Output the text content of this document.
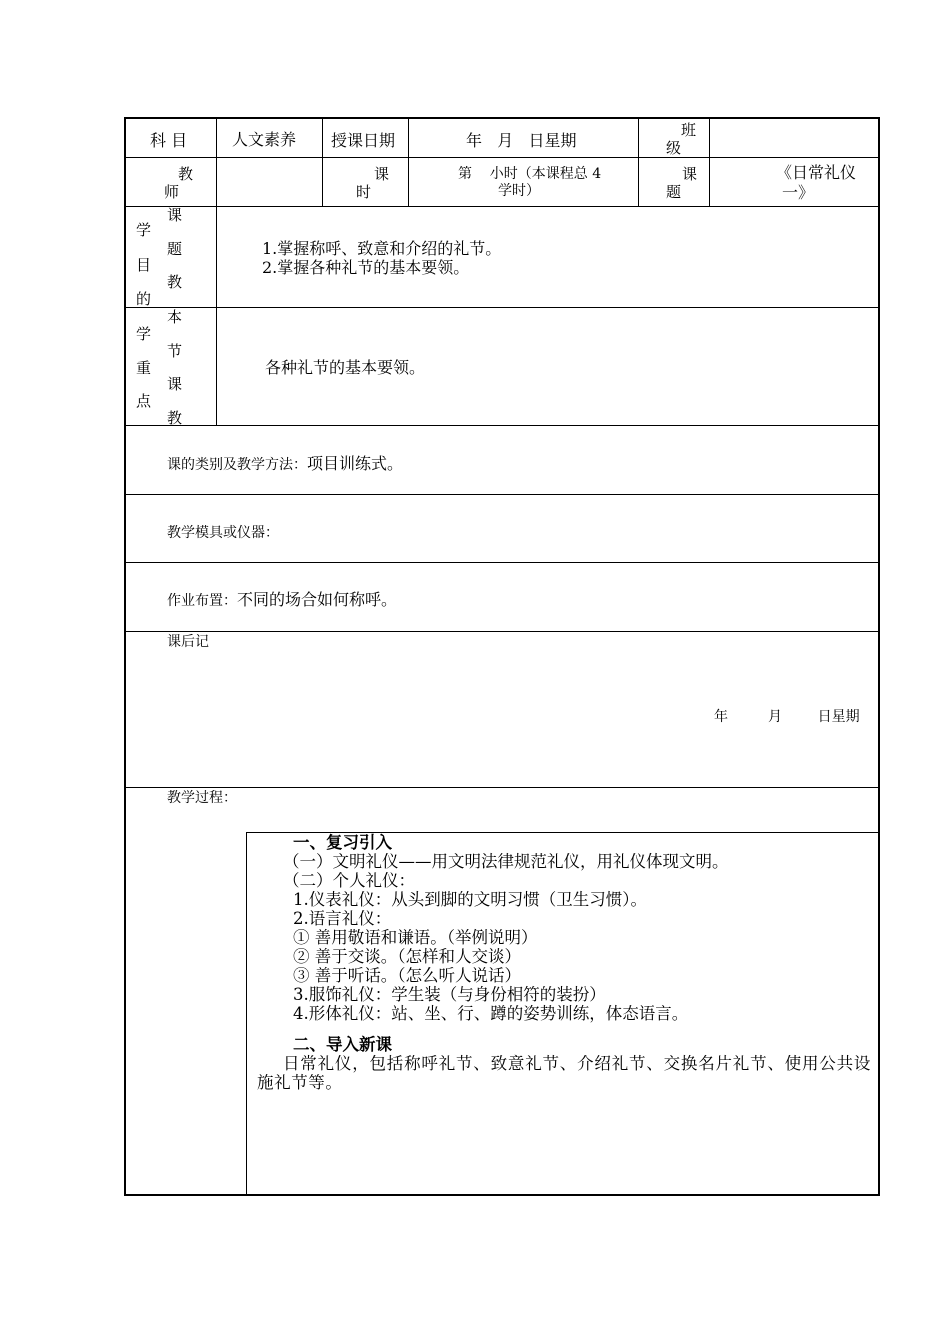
科 目	人文素养 授课日期	年   月   日星期
班
级
教
师
课
时
第    小时（本课程总 4
学时）
课
题
《日常礼仪
一》
学
目
的
课
题
教
1.掌握称呼、致意和介绍的礼节。
2.掌握各种礼节的基本要领。
学
重
点
本
节
课
教
各种礼节的基本要领。
课的类别及教学方法：项目训练式。
教学模具或仪器：
作业布置：不同的场合如何称呼。
课后记
年         月        日星期
教学过程：
一、复习引入
（一）文明礼仪——用文明法律规范礼仪，用礼仪体现文明。
（二）个人礼仪：
1.仪表礼仪：从头到脚的文明习惯（卫生习惯）。
2.语言礼仪：
① 善用敬语和谦语。（举例说明）
② 善于交谈。（怎样和人交谈）
③ 善于听话。（怎么听人说话）
3.服饰礼仪：学生装（与身份相符的装扮）
4.形体礼仪：站、坐、行、蹲的姿势训练，体态语言。
二、导入新课
日常礼仪，包括称呼礼节、致意礼节、介绍礼节、交换名片礼节、使用公共设施礼节等。
